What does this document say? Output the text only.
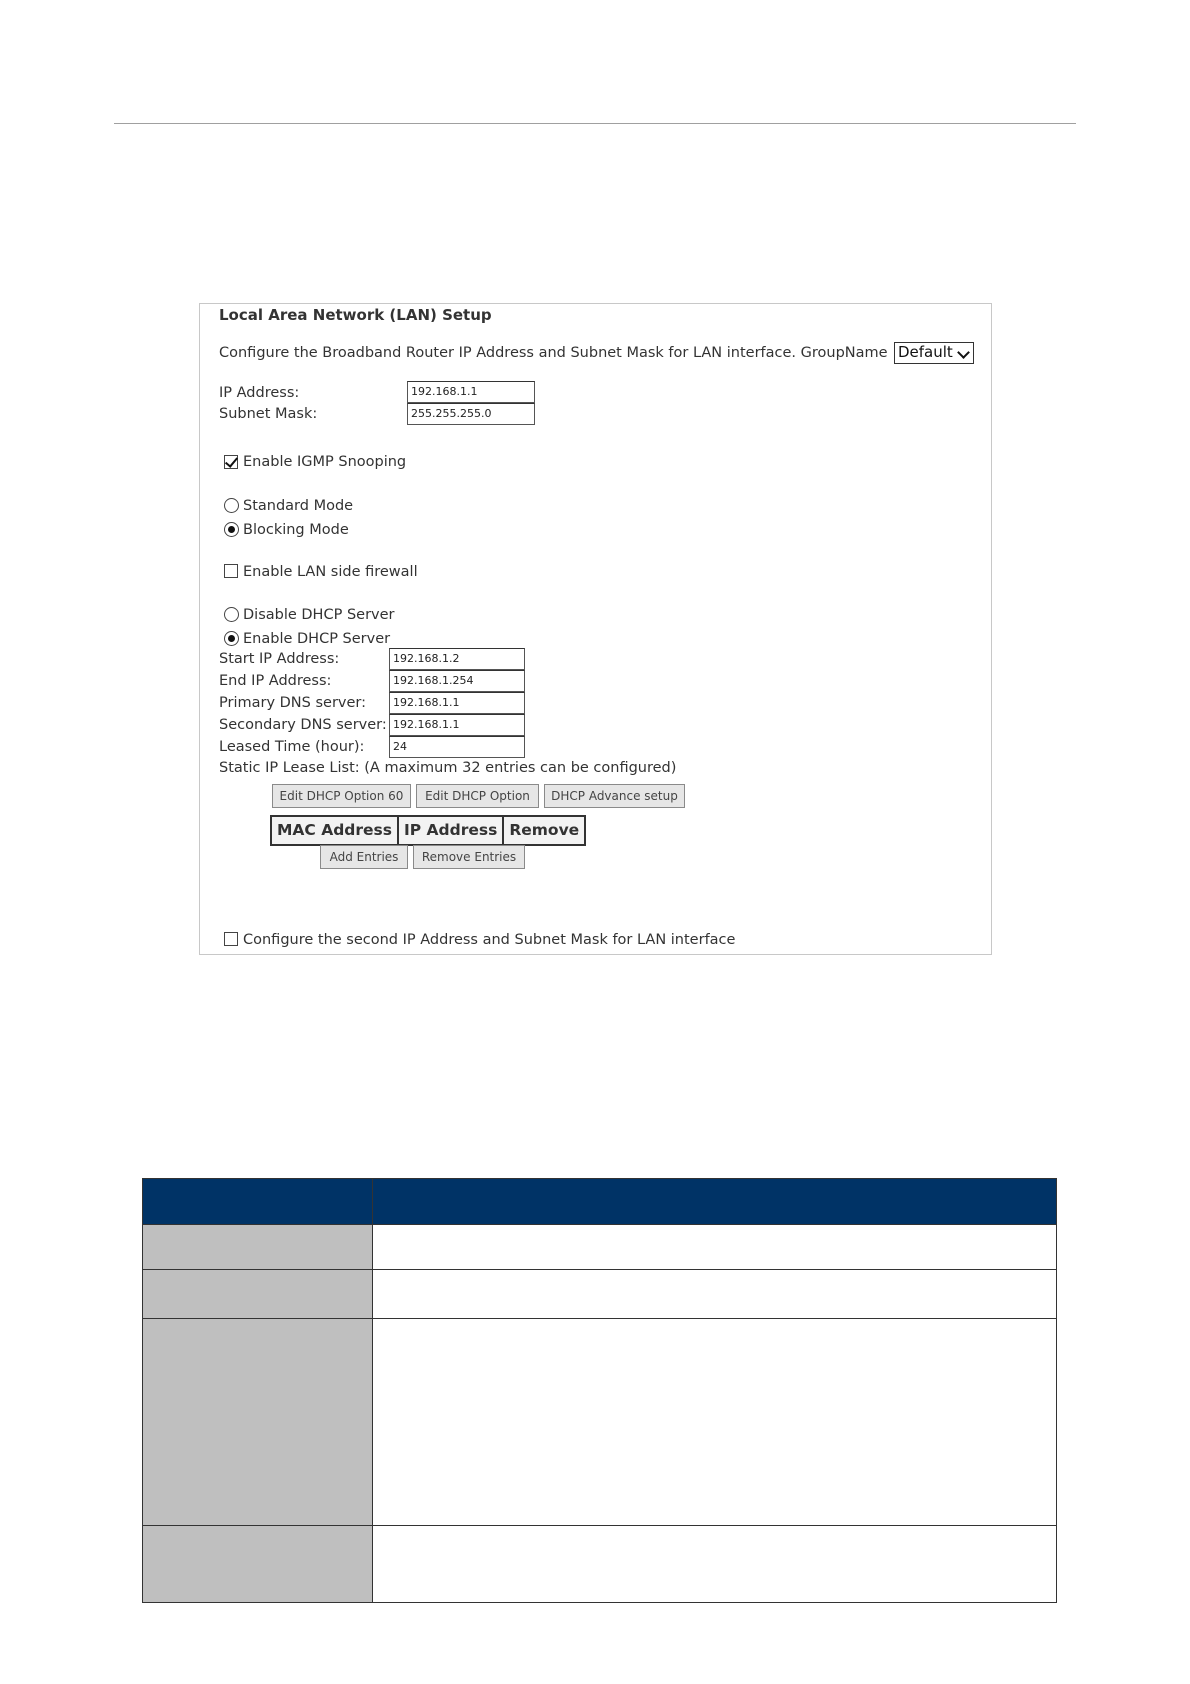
Local Area Network (LAN) Setup
Configure the Broadband Router IP Address and Subnet Mask for LAN interface. GroupName Default
IP Address:	192.168.1.1
Subnet Mask:	255.255.255.0
Enable IGMP Snooping
Standard Mode
Blocking Mode
Enable LAN side firewall
Disable DHCP Server
Enable DHCP Server
Start IP Address:	192.168.1.2
End IP Address:	192.168.1.254
Primary DNS server:	192.168.1.1
Secondary DNS server: 192.168.1.1
Leased Time (hour):	24
Static IP Lease List: (A maximum 32 entries can be configured)
Edit DHCP Option 60	Edit DHCP Option	DHCP Advance setup
MAC Address IP Address Remove
Add Entries	Remove Entries
Configure the second IP Address and Subnet Mask for LAN interface
